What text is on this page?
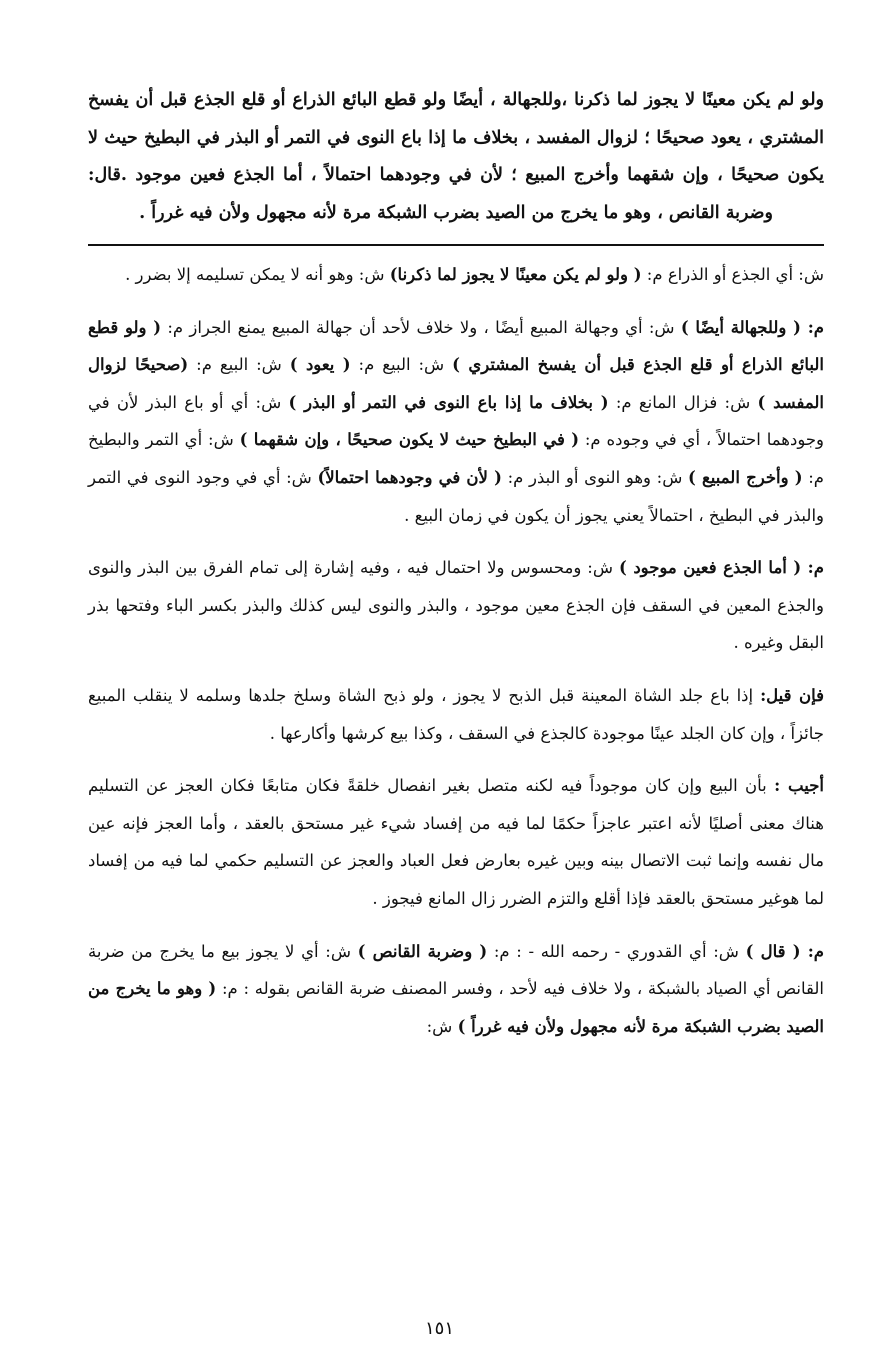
ولو لم يكن معينًا لا يجوز لما ذكرنا ،وللجهالة ، أيضًا ولو قطع البائع الذراع أو قلع الجذع قبل أن يفسخ المشتري ، يعود صحيحًا ؛ لزوال المفسد ، بخلاف ما إذا باع النوى في التمر أو البذر في البطيخ حيث لا يكون صحيحًا ، وإن شقهما وأخرج المبيع ؛ لأن في وجودهما احتمالاً ، أما الجذع فعين موجود .قال: وضربة القانص ، وهو ما يخرج من الصيد بضرب الشبكة مرة لأنه مجهول ولأن فيه غرراً .

ش: أي الجذع أو الذراع م: ( ولو لم يكن معينًا لا يجوز لما ذكرنا) ش: وهو أنه لا يمكن تسليمه إلا بضرر .

م: ( وللجهالة أيضًا ) ش: أي وجهالة المبيع أيضًا ، ولا خلاف لأحد أن جهالة المبيع يمنع الجراز م: ( ولو قطع البائع الذراع أو قلع الجذع قبل أن يفسخ المشتري ) ش: البيع م: ( يعود ) ش: البيع م: (صحيحًا لزوال المفسد ) ش: فزال المانع م: ( بخلاف ما إذا باع النوى في التمر أو البذر ) ش: أي أو باع البذر لأن في وجودهما احتمالاً ، أي في وجوده م: ( في البطيخ حيث لا يكون صحيحًا ، وإن شقهما ) ش: أي التمر والبطيخ م: ( وأخرج المبيع ) ش: وهو النوى أو البذر م: ( لأن في وجودهما احتمالاً) ش: أي في وجود النوى في التمر والبذر في البطيخ ، احتمالاً يعني يجوز أن يكون في زمان البيع .

م: ( أما الجذع فعين موجود ) ش: ومحسوس ولا احتمال فيه ، وفيه إشارة إلى تمام الفرق بين البذر والنوى والجذع المعين في السقف فإن الجذع معين موجود ، والبذر والنوى ليس كذلك والبذر بكسر الباء وفتحها بذر البقل وغيره .

فإن قيل: إذا باع جلد الشاة المعينة قبل الذبح لا يجوز ، ولو ذبح الشاة وسلخ جلدها وسلمه لا ينقلب المبيع جائزاً ، وإن كان الجلد عينًا موجودة كالجذع في السقف ، وكذا بيع كرشها وأكارعها .

أجيب : بأن البيع وإن كان موجوداً فيه لكنه متصل بغير انفصال خلقةً فكان متابعًا فكان العجز عن التسليم هناك معنى أصليًا لأنه اعتبر عاجزاً حكمًا لما فيه من إفساد شيء غير مستحق بالعقد ، وأما العجز فإنه عين مال نفسه وإنما ثبت الاتصال بينه وبين غيره بعارض فعل العباد والعجز عن التسليم حكمي لما فيه من إفساد لما هوغير مستحق بالعقد فإذا أقلع والتزم الضرر زال المانع فيجوز .

م: ( قال ) ش: أي القدوري - رحمه الله - : م: ( وضربة القانص ) ش: أي لا يجوز بيع ما يخرج من ضربة القانص أي الصياد بالشبكة ، ولا خلاف فيه لأحد ، وفسر المصنف ضربة القانص بقوله : م: ( وهو ما يخرج من الصيد بضرب الشبكة مرة لأنه مجهول ولأن فيه غرراً ) ش:

١٥١
